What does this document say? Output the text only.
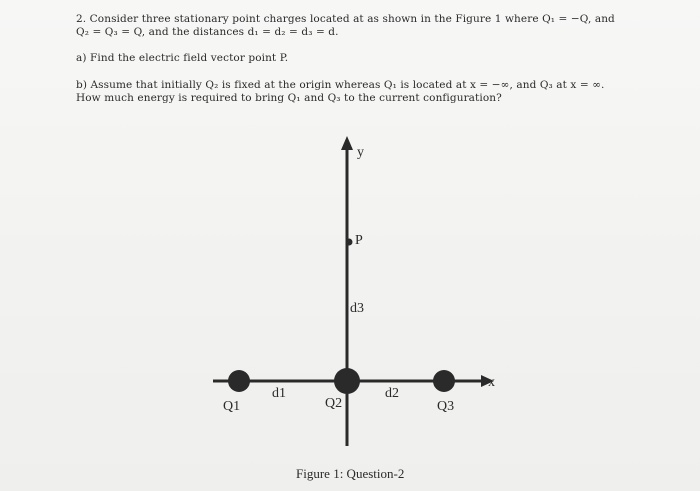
2. Consider three stationary point charges located at as shown in the Figure 1 where Q₁ = −Q, and
Q₂ = Q₃ = Q, and the distances d₁ = d₂ = d₃ = d.
a) Find the electric field vector point P.
b) Assume that initially Q₂ is fixed at the origin whereas Q₁ is located at x = −∞, and Q₃ at x = ∞.
How much energy is required to bring Q₁ and Q₃ to the current configuration?
y
x
P
d3
d1	d2
Q1	Q2	Q3
Figure 1: Question-2
